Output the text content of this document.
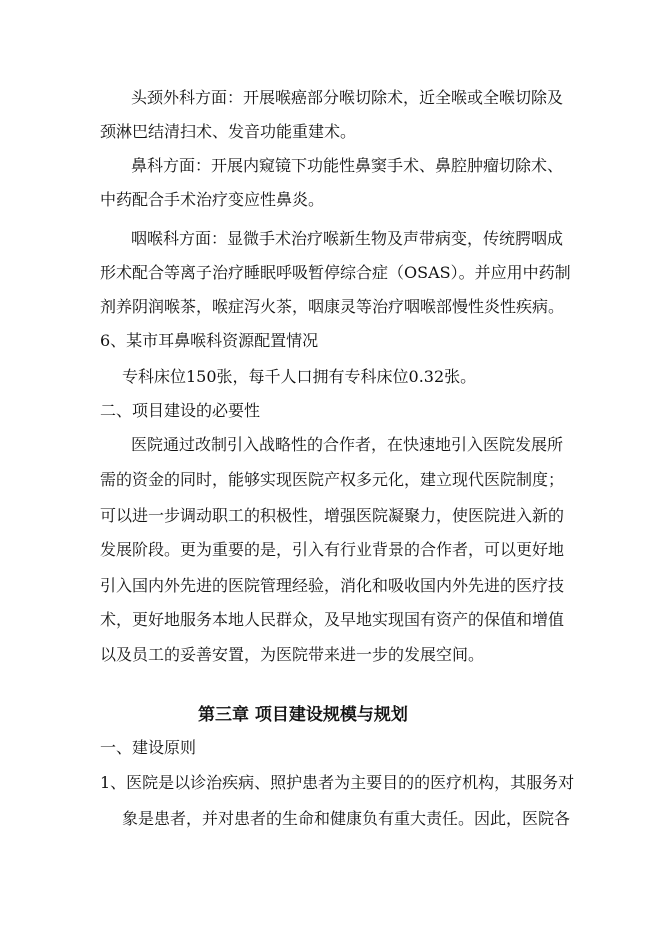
头颈外科方面：开展喉癌部分喉切除术，近全喉或全喉切除及
颈淋巴结清扫术、发音功能重建术。
鼻科方面：开展内窥镜下功能性鼻窦手术、鼻腔肿瘤切除术、
中药配合手术治疗变应性鼻炎。
咽喉科方面：显微手术治疗喉新生物及声带病变，传统腭咽成
形术配合等离子治疗睡眠呼吸暂停综合症（OSAS）。并应用中药制
剂养阴润喉茶，喉症泻火茶，咽康灵等治疗咽喉部慢性炎性疾病。
6、某市耳鼻喉科资源配置情况
专科床位150张，每千人口拥有专科床位0.32张。
二、项目建设的必要性
医院通过改制引入战略性的合作者，在快速地引入医院发展所
需的资金的同时，能够实现医院产权多元化，建立现代医院制度；
可以进一步调动职工的积极性，增强医院凝聚力，使医院进入新的
发展阶段。更为重要的是，引入有行业背景的合作者，可以更好地
引入国内外先进的医院管理经验，消化和吸收国内外先进的医疗技
术，更好地服务本地人民群众，及早地实现国有资产的保值和增值
以及员工的妥善安置，为医院带来进一步的发展空间。
第三章 项目建设规模与规划
一、建设原则
1、医院是以诊治疾病、照护患者为主要目的的医疗机构，其服务对
象是患者，并对患者的生命和健康负有重大责任。因此，医院各
